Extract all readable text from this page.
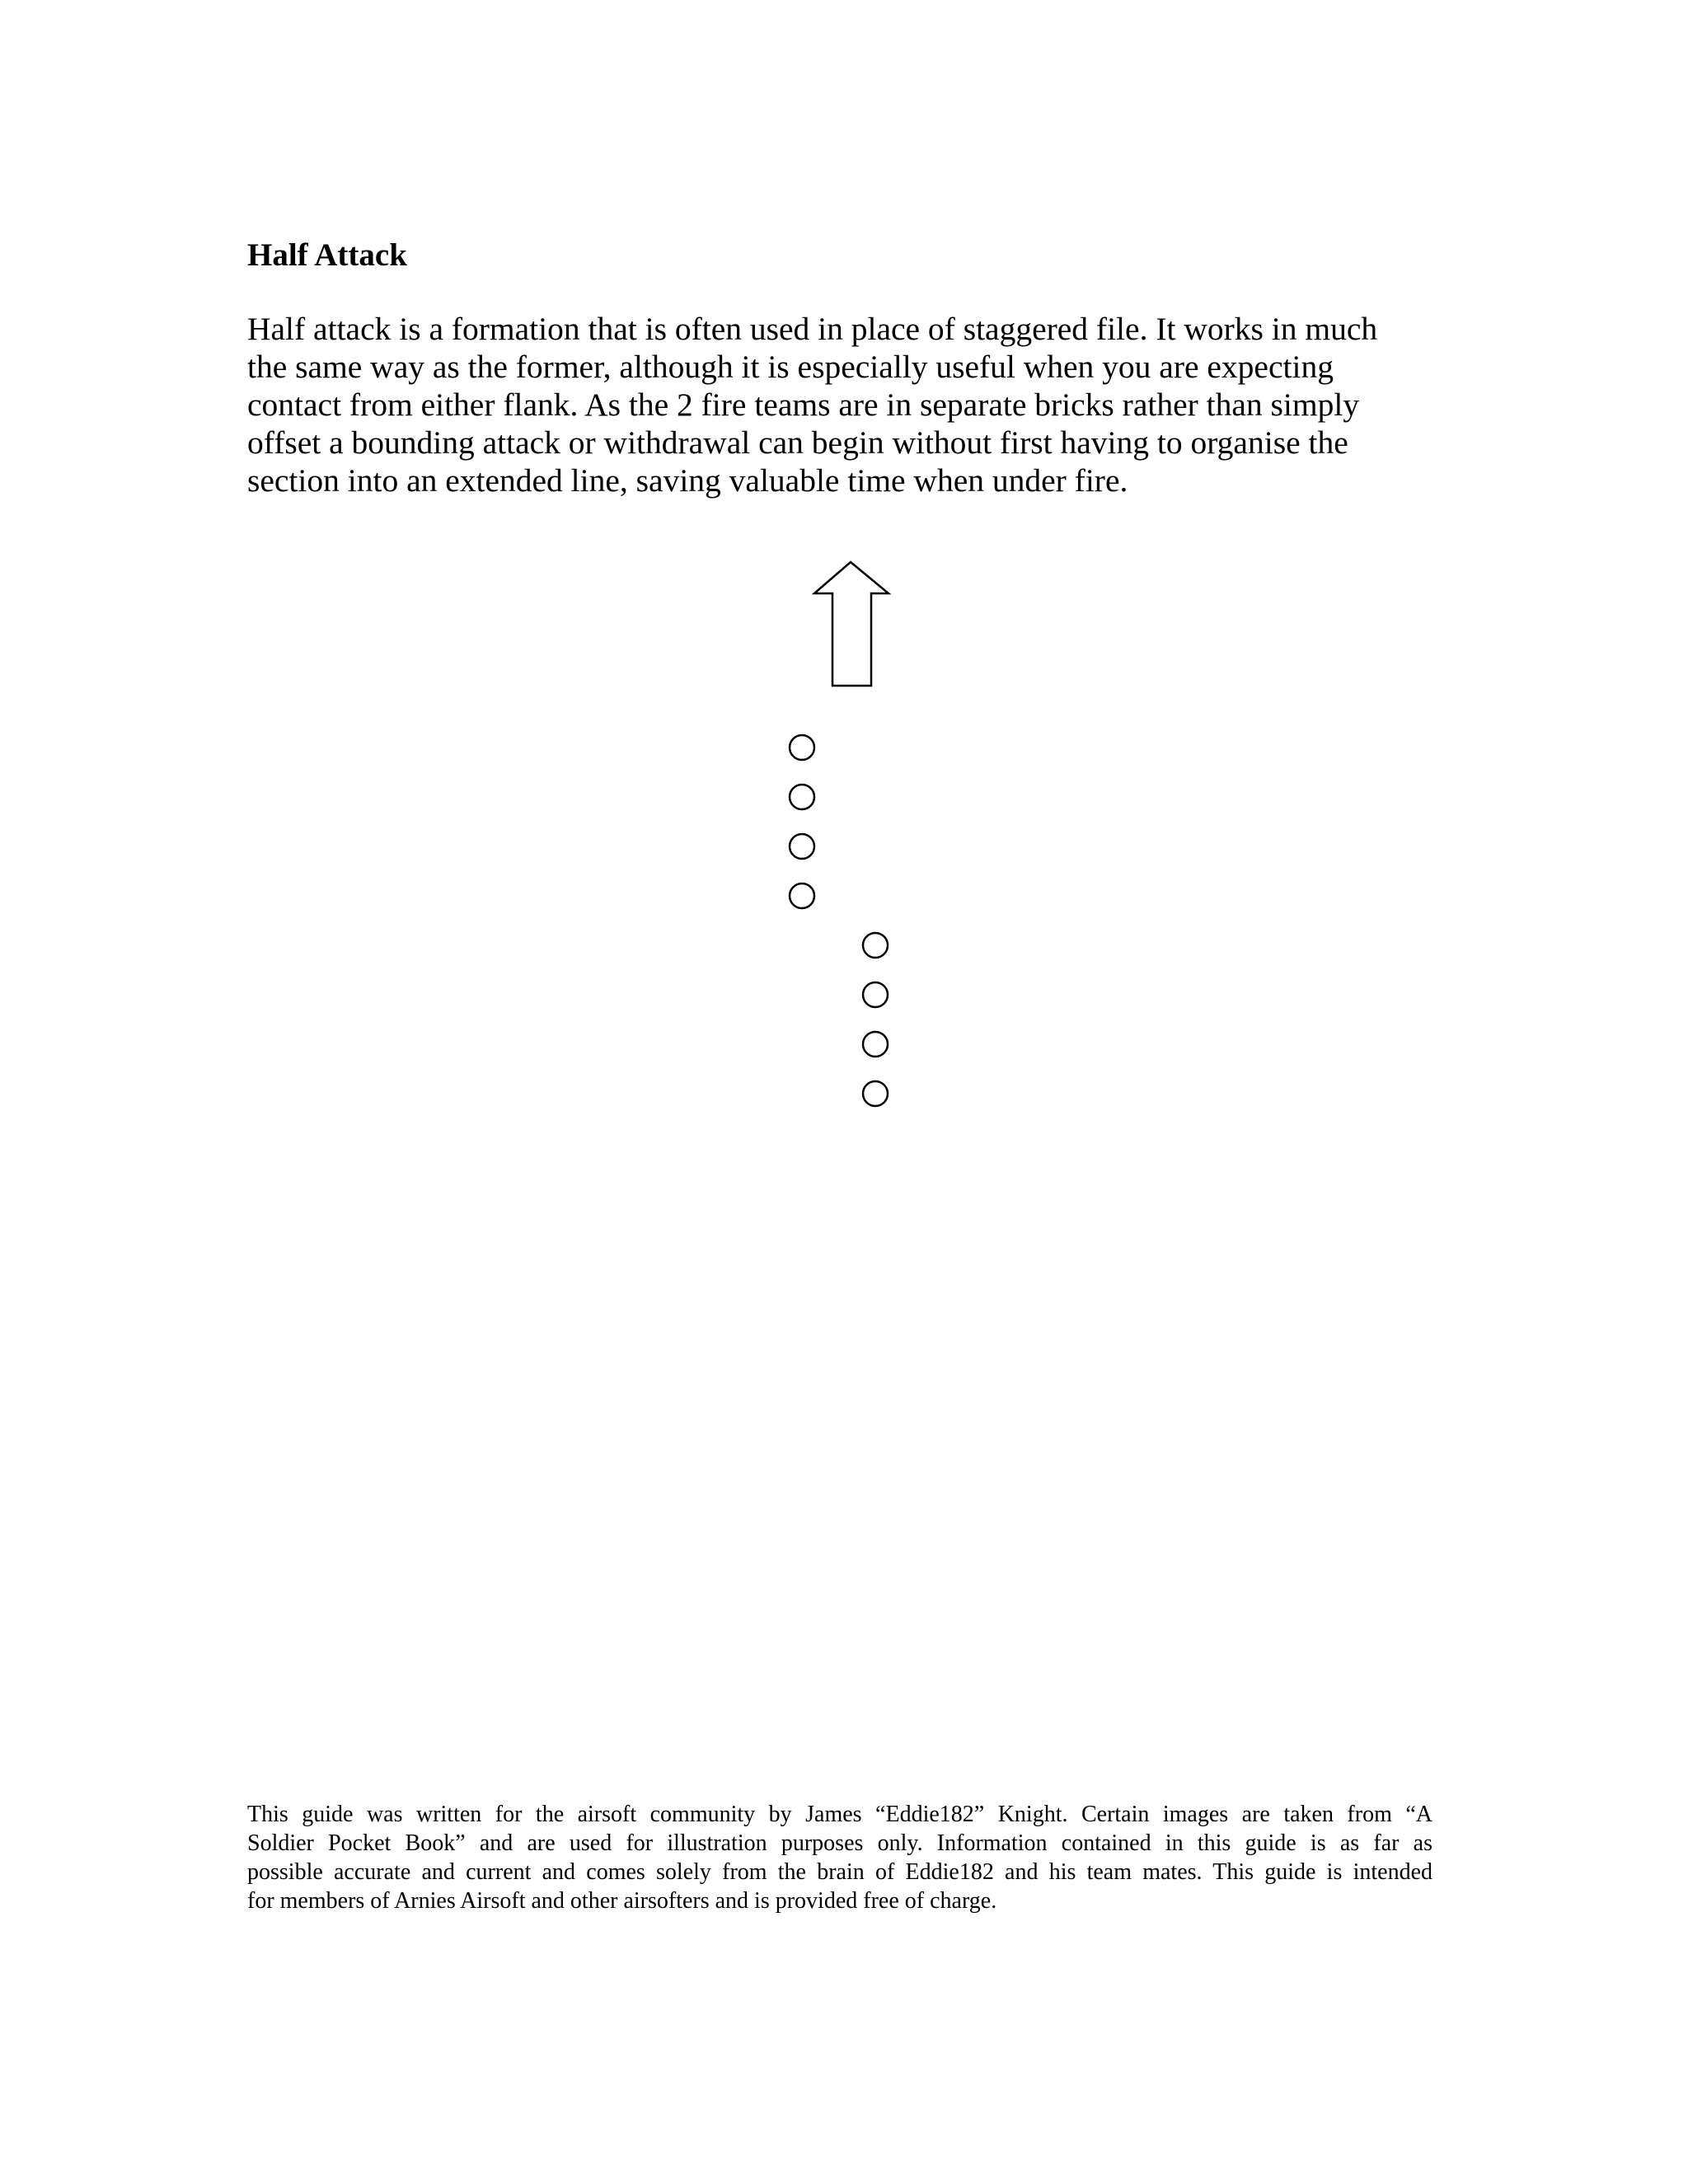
Half Attack

Half attack is a formation that is often used in place of staggered file. It works in much
the same way as the former, although it is especially useful when you are expecting
contact from either flank. As the 2 fire teams are in separate bricks rather than simply
offset a bounding attack or withdrawal can begin without first having to organise the
section into an extended line, saving valuable time when under fire.

This guide was written for the airsoft community by James “Eddie182” Knight. Certain images are taken from “A
Soldier Pocket Book” and are used for illustration purposes only. Information contained in this guide is as far as
possible accurate and current and comes solely from the brain of Eddie182 and his team mates. This guide is intended
for members of Arnies Airsoft and other airsofters and is provided free of charge.
